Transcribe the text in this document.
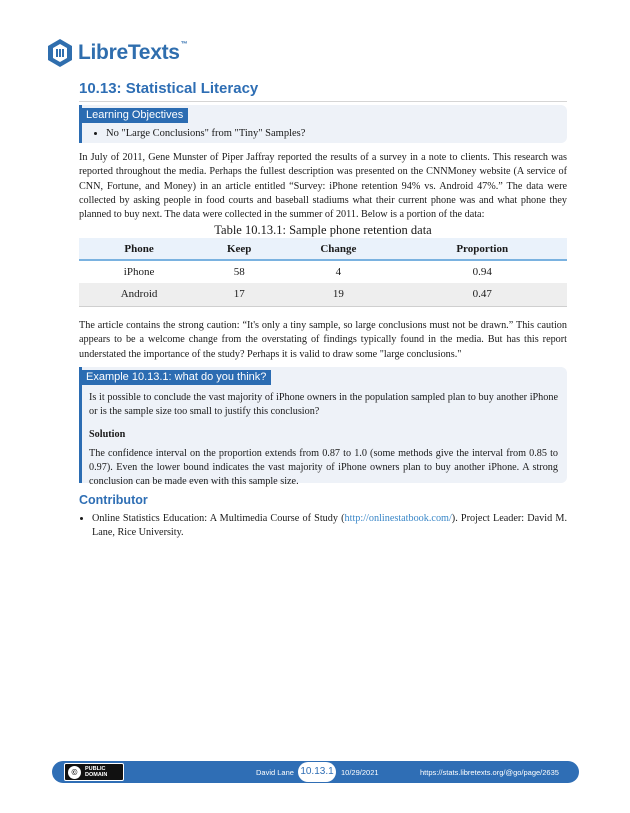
LibreTexts™
10.13: Statistical Literacy
Learning Objectives
• No "Large Conclusions" from "Tiny" Samples?

In July of 2011, Gene Munster of Piper Jaffray reported the results of a survey in a note to clients. This research was reported throughout the media. Perhaps the fullest description was presented on the CNNMoney website (A service of CNN, Fortune, and Money) in an article entitled “Survey: iPhone retention 94% vs. Android 47%.” The data were collected by asking people in food courts and baseball stadiums what their current phone was and what phone they planned to buy next. The data were collected in the summer of 2011. Below is a portion of the data:

Table 10.13.1: Sample phone retention data
Phone	Keep	Change	Proportion
iPhone	58	4	0.94
Android	17	19	0.47

The article contains the strong caution: “It's only a tiny sample, so large conclusions must not be drawn.” This caution appears to be a welcome change from the overstating of findings typically found in the media. But has this report understated the importance of the study? Perhaps it is valid to draw some "large conclusions."

Example 10.13.1: what do you think?

Is it possible to conclude the vast majority of iPhone owners in the population sampled plan to buy another iPhone or is the sample size too small to justify this conclusion?

Solution

The confidence interval on the proportion extends from 0.87 to 1.0 (some methods give the interval from 0.85 to 0.97). Even the lower bound indicates the vast majority of iPhone owners plan to buy another iPhone. A strong conclusion can be made even with this sample size.

Contributor
• Online Statistics Education: A Multimedia Course of Study (http://onlinestatbook.com/). Project Leader: David M. Lane, Rice University.
©	PUBLIC
DOMAIN	David Lane 10.13.1 10/29/2021	https://stats.libretexts.org/@go/page/2635
